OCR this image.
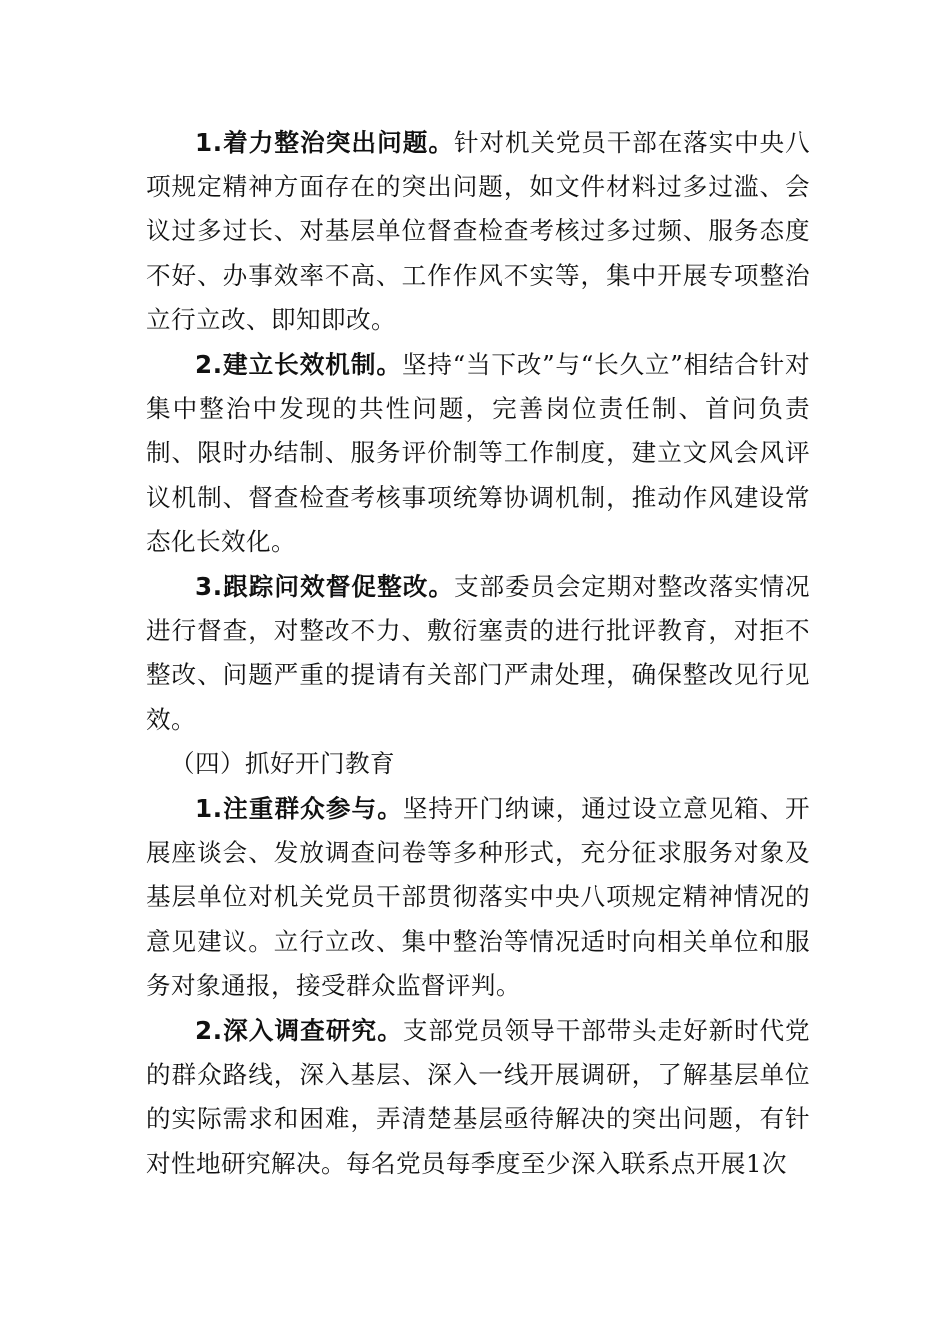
1.着力整治突出问题。针对机关党员干部在落实中央八项规定精神方面存在的突出问题，如文件材料过多过滥、会议过多过长、对基层单位督查检查考核过多过频、服务态度不好、办事效率不高、工作作风不实等，集中开展专项整治立行立改、即知即改。

2.建立长效机制。坚持“当下改”与“长久立”相结合针对集中整治中发现的共性问题，完善岗位责任制、首问负责制、限时办结制、服务评价制等工作制度，建立文风会风评议机制、督查检查考核事项统筹协调机制，推动作风建设常态化长效化。

3.跟踪问效督促整改。支部委员会定期对整改落实情况进行督查，对整改不力、敷衍塞责的进行批评教育，对拒不整改、问题严重的提请有关部门严肃处理，确保整改见行见效。

（四）抓好开门教育

1.注重群众参与。坚持开门纳谏，通过设立意见箱、开展座谈会、发放调查问卷等多种形式，充分征求服务对象及基层单位对机关党员干部贯彻落实中央八项规定精神情况的意见建议。立行立改、集中整治等情况适时向相关单位和服务对象通报，接受群众监督评判。

2.深入调查研究。支部党员领导干部带头走好新时代党的群众路线，深入基层、深入一线开展调研，了解基层单位的实际需求和困难，弄清楚基层亟待解决的突出问题，有针对性地研究解决。每名党员每季度至少深入联系点开展1次
